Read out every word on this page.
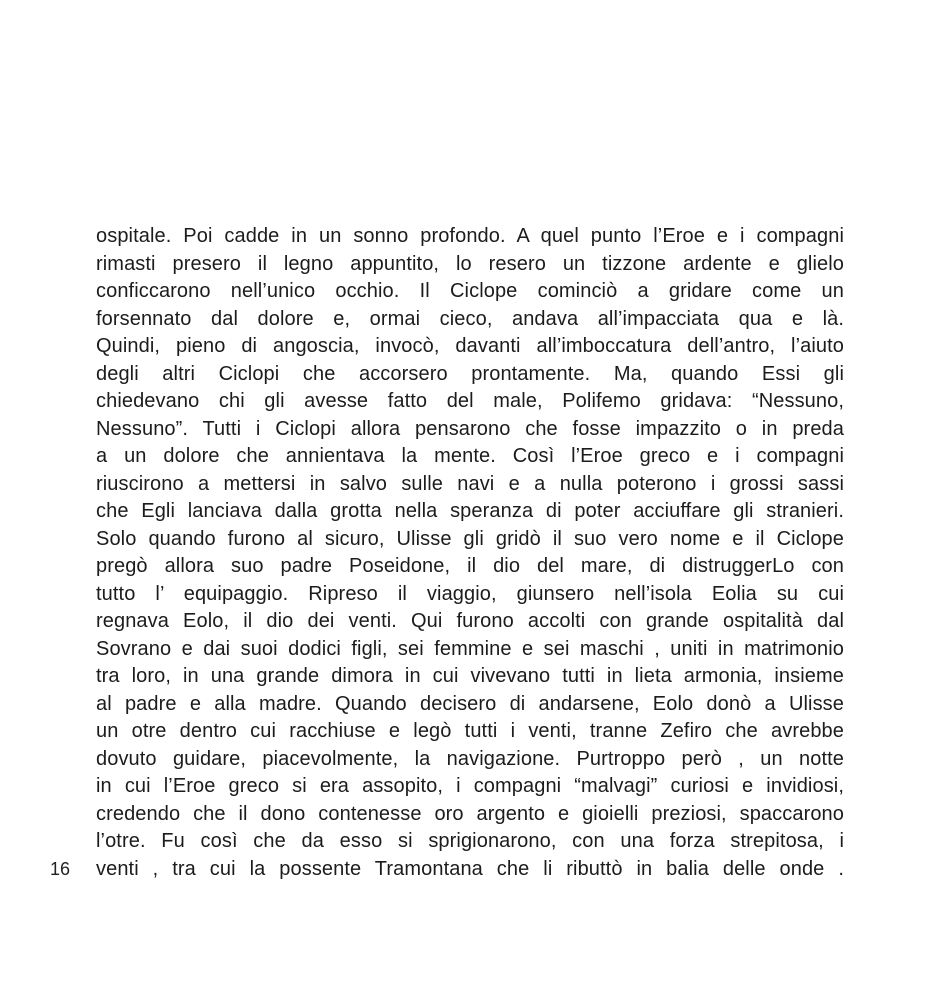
16
ospitale. Poi cadde in un sonno profondo. A quel punto l’Eroe e i compagni
rimasti presero il legno appuntito, lo resero un tizzone ardente e glielo
conficcarono nell’unico occhio. Il Ciclope cominciò a gridare come un
forsennato dal dolore e, ormai cieco, andava all’impacciata qua e là.
Quindi, pieno di angoscia, invocò, davanti all’imboccatura dell’antro, l’aiuto
degli altri Ciclopi che accorsero prontamente. Ma, quando Essi gli
chiedevano chi gli avesse fatto del male, Polifemo gridava: “Nessuno,
Nessuno”. Tutti i Ciclopi allora pensarono che fosse impazzito o in preda
a un dolore che annientava la mente. Così l’Eroe greco e i compagni
riuscirono a mettersi in salvo sulle navi e a nulla poterono i grossi sassi
che Egli lanciava dalla grotta nella speranza di poter acciuffare gli stranieri.
Solo quando furono al sicuro, Ulisse gli gridò il suo vero nome e il Ciclope
pregò allora suo padre Poseidone, il dio del mare, di distruggerLo con
tutto l’ equipaggio. Ripreso il viaggio, giunsero nell’isola Eolia su cui
regnava Eolo, il dio dei venti. Qui furono accolti con grande ospitalità dal
Sovrano e dai suoi dodici figli, sei femmine e sei maschi , uniti in matrimonio
tra loro, in una grande dimora in cui vivevano tutti in lieta armonia, insieme
al padre e alla madre. Quando decisero di andarsene, Eolo donò a Ulisse
un otre dentro cui racchiuse e legò tutti i venti, tranne Zefiro che avrebbe
dovuto guidare, piacevolmente, la navigazione. Purtroppo però , un notte
in cui l’Eroe greco si era assopito, i compagni “malvagi” curiosi e invidiosi,
credendo che il dono contenesse oro argento e gioielli preziosi, spaccarono
l’otre. Fu così che da esso si sprigionarono, con una forza strepitosa, i
venti , tra cui la possente Tramontana che li ributtò in balia delle onde .
